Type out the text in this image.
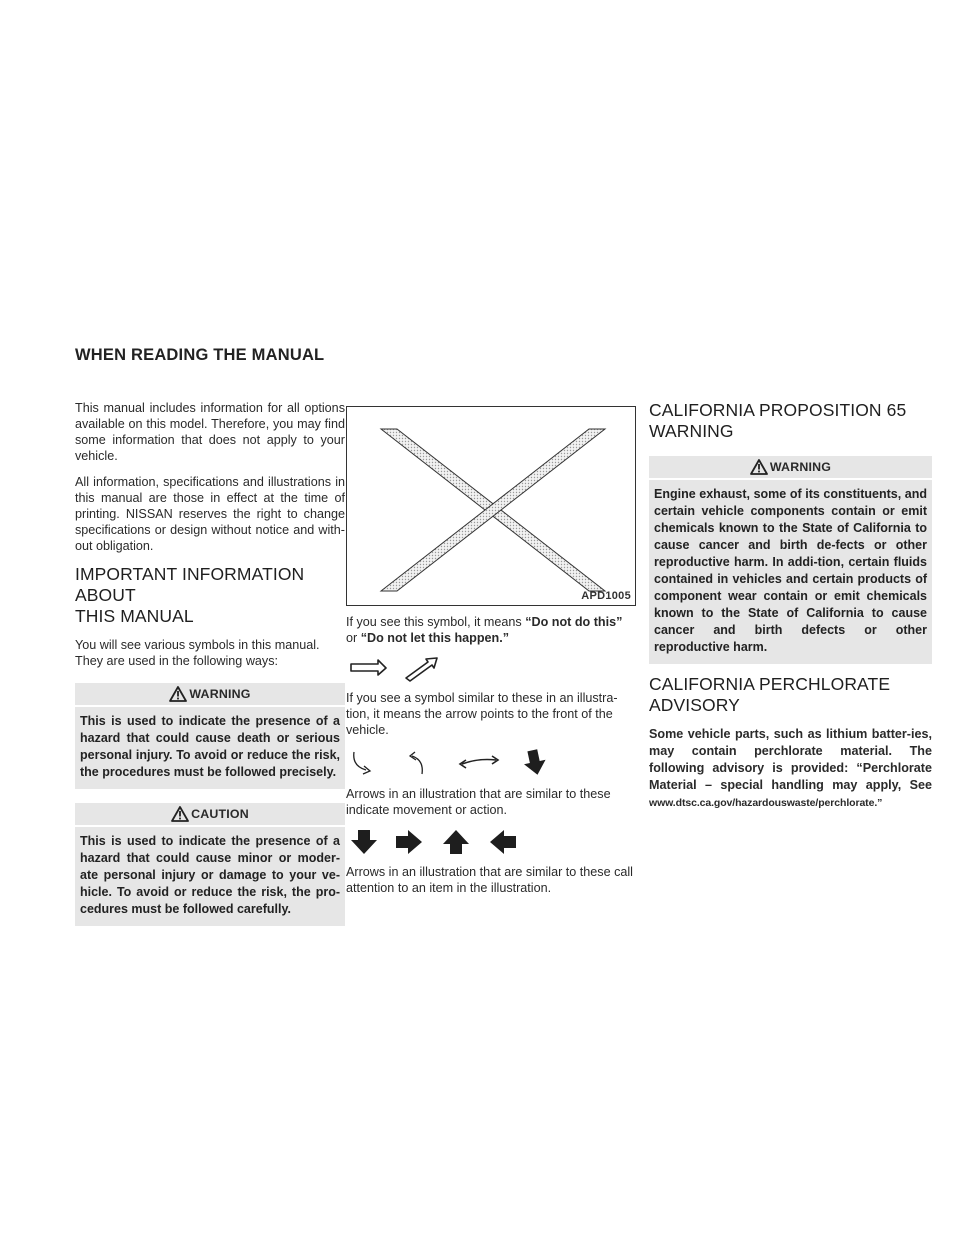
WHEN READING THE MANUAL

This manual includes information for all options available on this model. Therefore, you may find some information that does not apply to your vehicle.

All information, specifications and illustrations in this manual are those in effect at the time of printing. NISSAN reserves the right to change specifications or design without notice and with-out obligation.

IMPORTANT INFORMATION ABOUT
THIS MANUAL

You will see various symbols in this manual. They are used in the following ways:

WARNING
This is used to indicate the presence of a hazard that could cause death or serious personal injury. To avoid or reduce the risk, the procedures must be followed precisely.
CAUTION
This is used to indicate the presence of a hazard that could cause minor or moder-ate personal injury or damage to your ve-hicle. To avoid or reduce the risk, the pro-cedures must be followed carefully.
APD1005

If you see this symbol, it means “Do not do this”
or “Do not let this happen.”

If you see a symbol similar to these in an illustra-tion, it means the arrow points to the front of the vehicle.

Arrows in an illustration that are similar to these indicate movement or action.

Arrows in an illustration that are similar to these call attention to an item in the illustration.

CALIFORNIA PROPOSITION 65
WARNING
WARNING
Engine exhaust, some of its constituents, and certain vehicle components contain or emit chemicals known to the State of California to cause cancer and birth de-fects or other reproductive harm. In addi-tion, certain fluids contained in vehicles and certain products of component wear contain or emit chemicals known to the State of California to cause cancer and birth defects or other reproductive harm.
CALIFORNIA PERCHLORATE
ADVISORY
Some vehicle parts, such as lithium batter-ies, may contain perchlorate material. The following advisory is provided: “Perchlorate Material – special handling may apply, See www.dtsc.ca.gov/hazardouswaste/perchlorate.”
